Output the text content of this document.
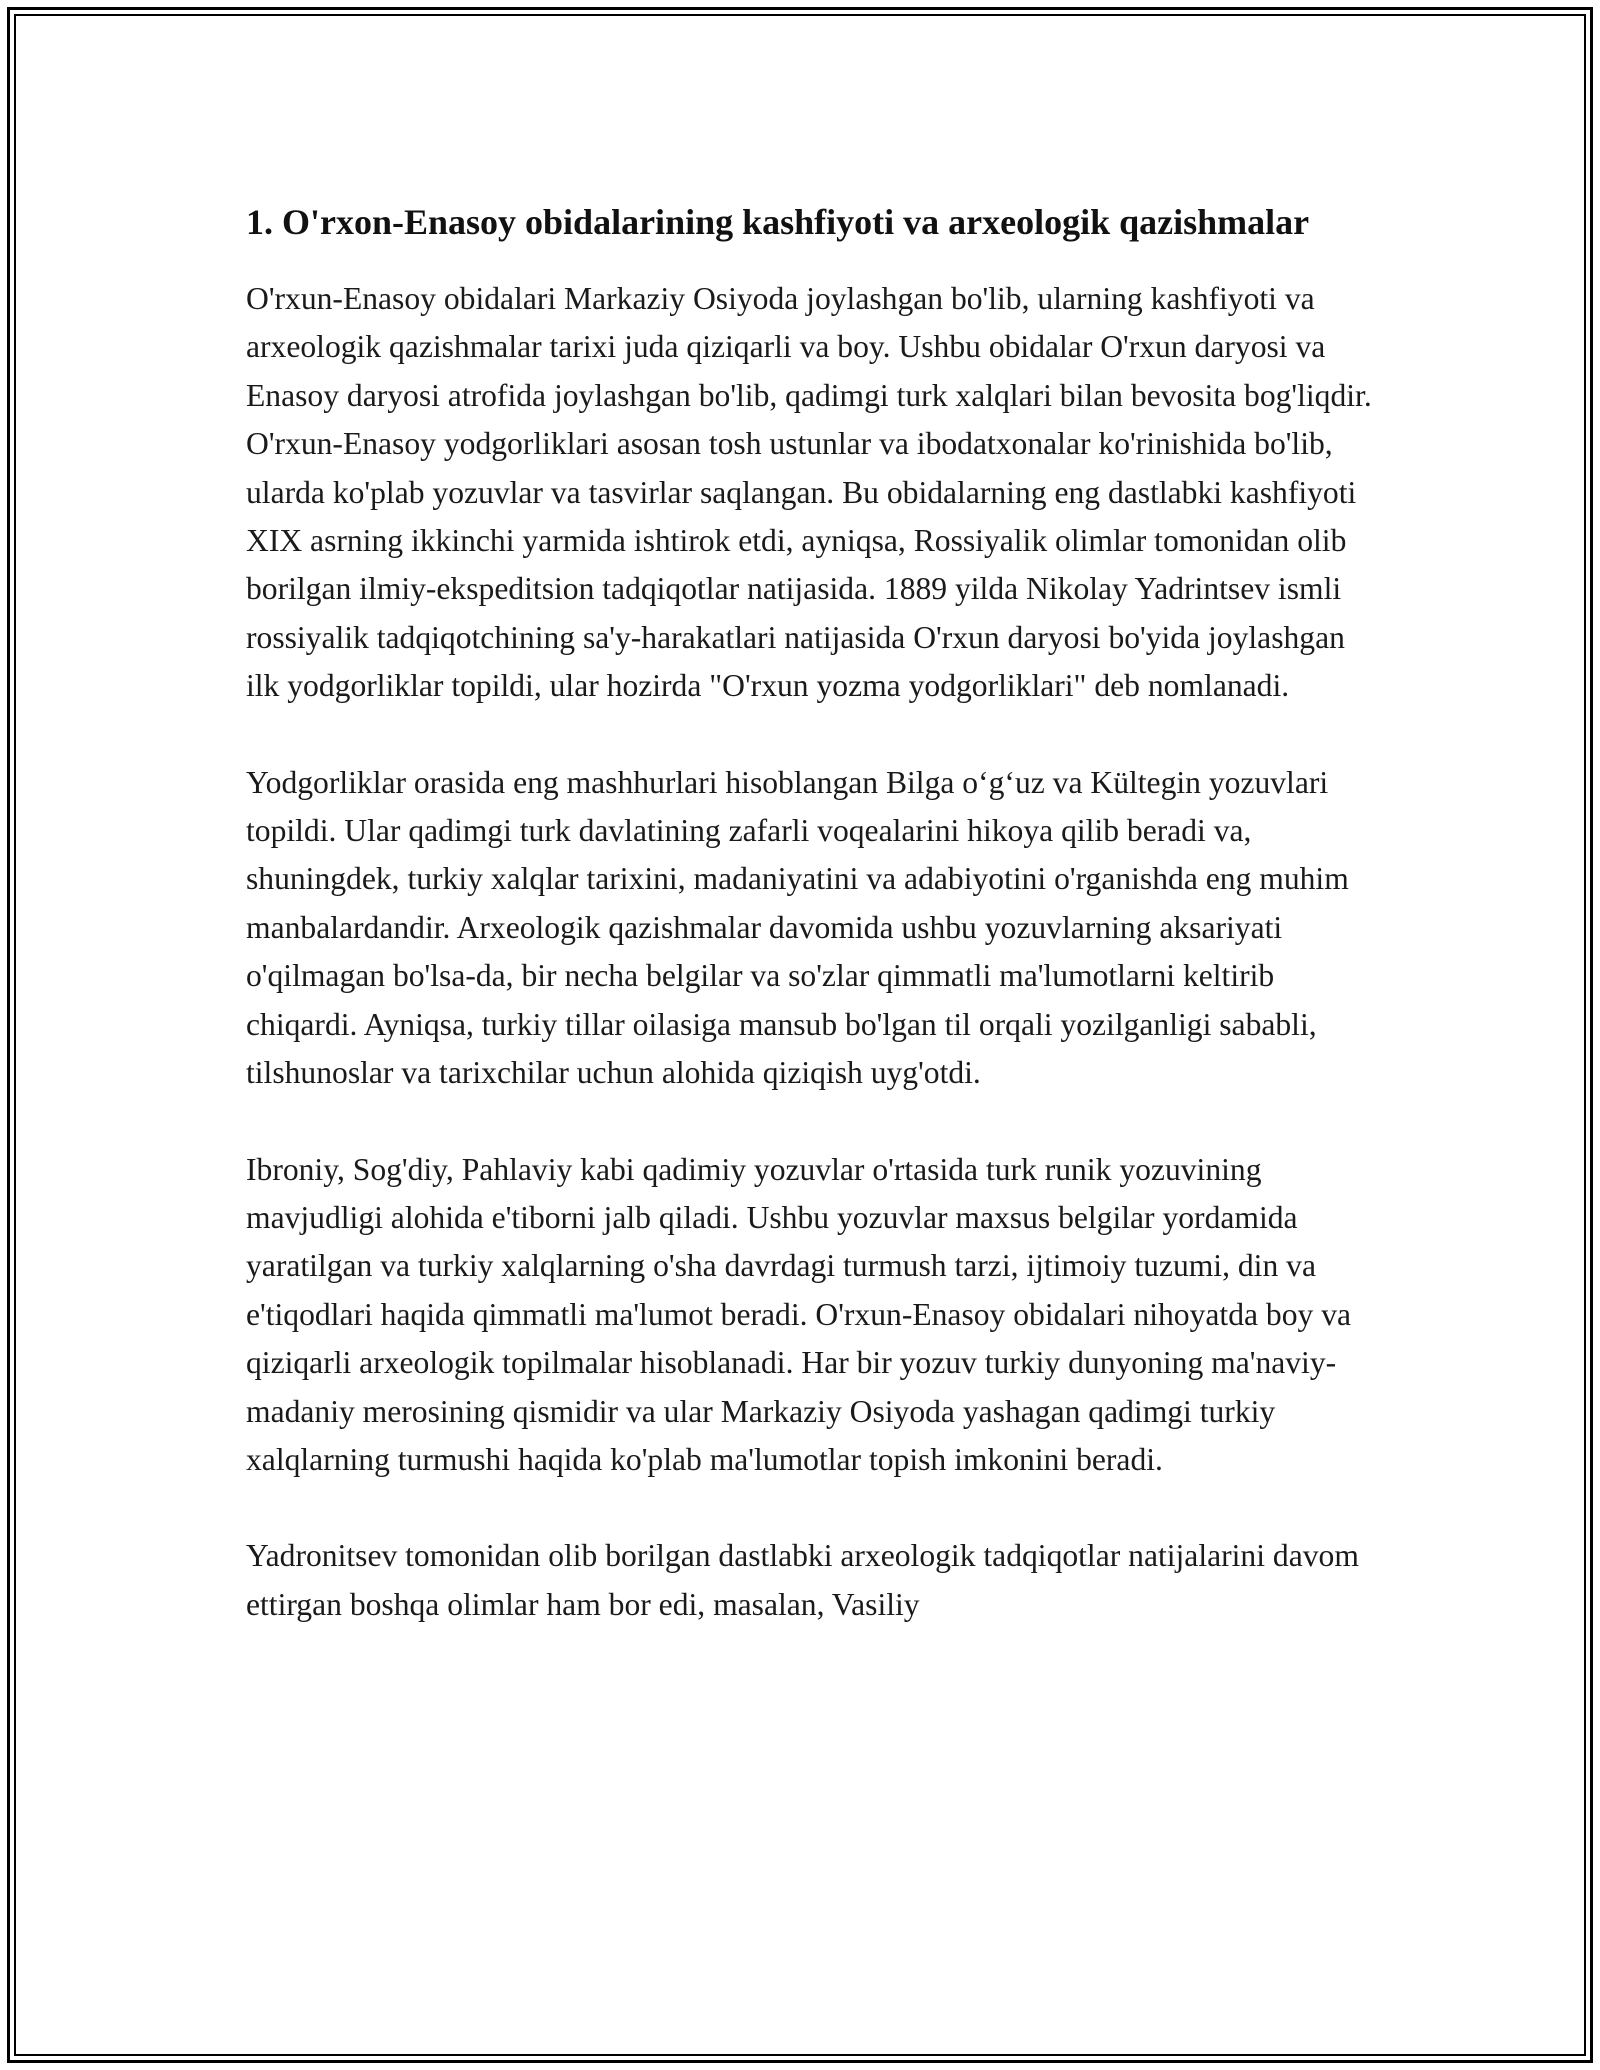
1. O'rxon-Enasoy obidalarining kashfiyoti va arxeologik qazishmalar

O'rxun-Enasoy obidalari Markaziy Osiyoda joylashgan bo'lib, ularning kashfiyoti va arxeologik qazishmalar tarixi juda qiziqarli va boy. Ushbu obidalar O'rxun daryosi va Enasoy daryosi atrofida joylashgan bo'lib, qadimgi turk xalqlari bilan bevosita bog'liqdir. O'rxun-Enasoy yodgorliklari asosan tosh ustunlar va ibodatxonalar ko'rinishida bo'lib, ularda ko'plab yozuvlar va tasvirlar saqlangan. Bu obidalarning eng dastlabki kashfiyoti XIX asrning ikkinchi yarmida ishtirok etdi, ayniqsa, Rossiyalik olimlar tomonidan olib borilgan ilmiy-ekspeditsion tadqiqotlar natijasida. 1889 yilda Nikolay Yadrintsev ismli rossiyalik tadqiqotchining sa'y-harakatlari natijasida O'rxun daryosi bo'yida joylashgan ilk yodgorliklar topildi, ular hozirda "O'rxun yozma yodgorliklari" deb nomlanadi.

Yodgorliklar orasida eng mashhurlari hisoblangan Bilga o‘g‘uz va Kültegin yozuvlari topildi. Ular qadimgi turk davlatining zafarli voqealarini hikoya qilib beradi va, shuningdek, turkiy xalqlar tarixini, madaniyatini va adabiyotini o'rganishda eng muhim manbalardandir. Arxeologik qazishmalar davomida ushbu yozuvlarning aksariyati o'qilmagan bo'lsa-da, bir necha belgilar va so'zlar qimmatli ma'lumotlarni keltirib chiqardi. Ayniqsa, turkiy tillar oilasiga mansub bo'lgan til orqali yozilganligi sababli, tilshunoslar va tarixchilar uchun alohida qiziqish uyg'otdi.

Ibroniy, Sog'diy, Pahlaviy kabi qadimiy yozuvlar o'rtasida turk runik yozuvining mavjudligi alohida e'tiborni jalb qiladi. Ushbu yozuvlar maxsus belgilar yordamida yaratilgan va turkiy xalqlarning o'sha davrdagi turmush tarzi, ijtimoiy tuzumi, din va e'tiqodlari haqida qimmatli ma'lumot beradi. O'rxun-Enasoy obidalari nihoyatda boy va qiziqarli arxeologik topilmalar hisoblanadi. Har bir yozuv turkiy dunyoning ma'naviy-madaniy merosining qismidir va ular Markaziy Osiyoda yashagan qadimgi turkiy xalqlarning turmushi haqida ko'plab ma'lumotlar topish imkonini beradi.

Yadronitsev tomonidan olib borilgan dastlabki arxeologik tadqiqotlar natijalarini davom ettirgan boshqa olimlar ham bor edi, masalan, Vasiliy
